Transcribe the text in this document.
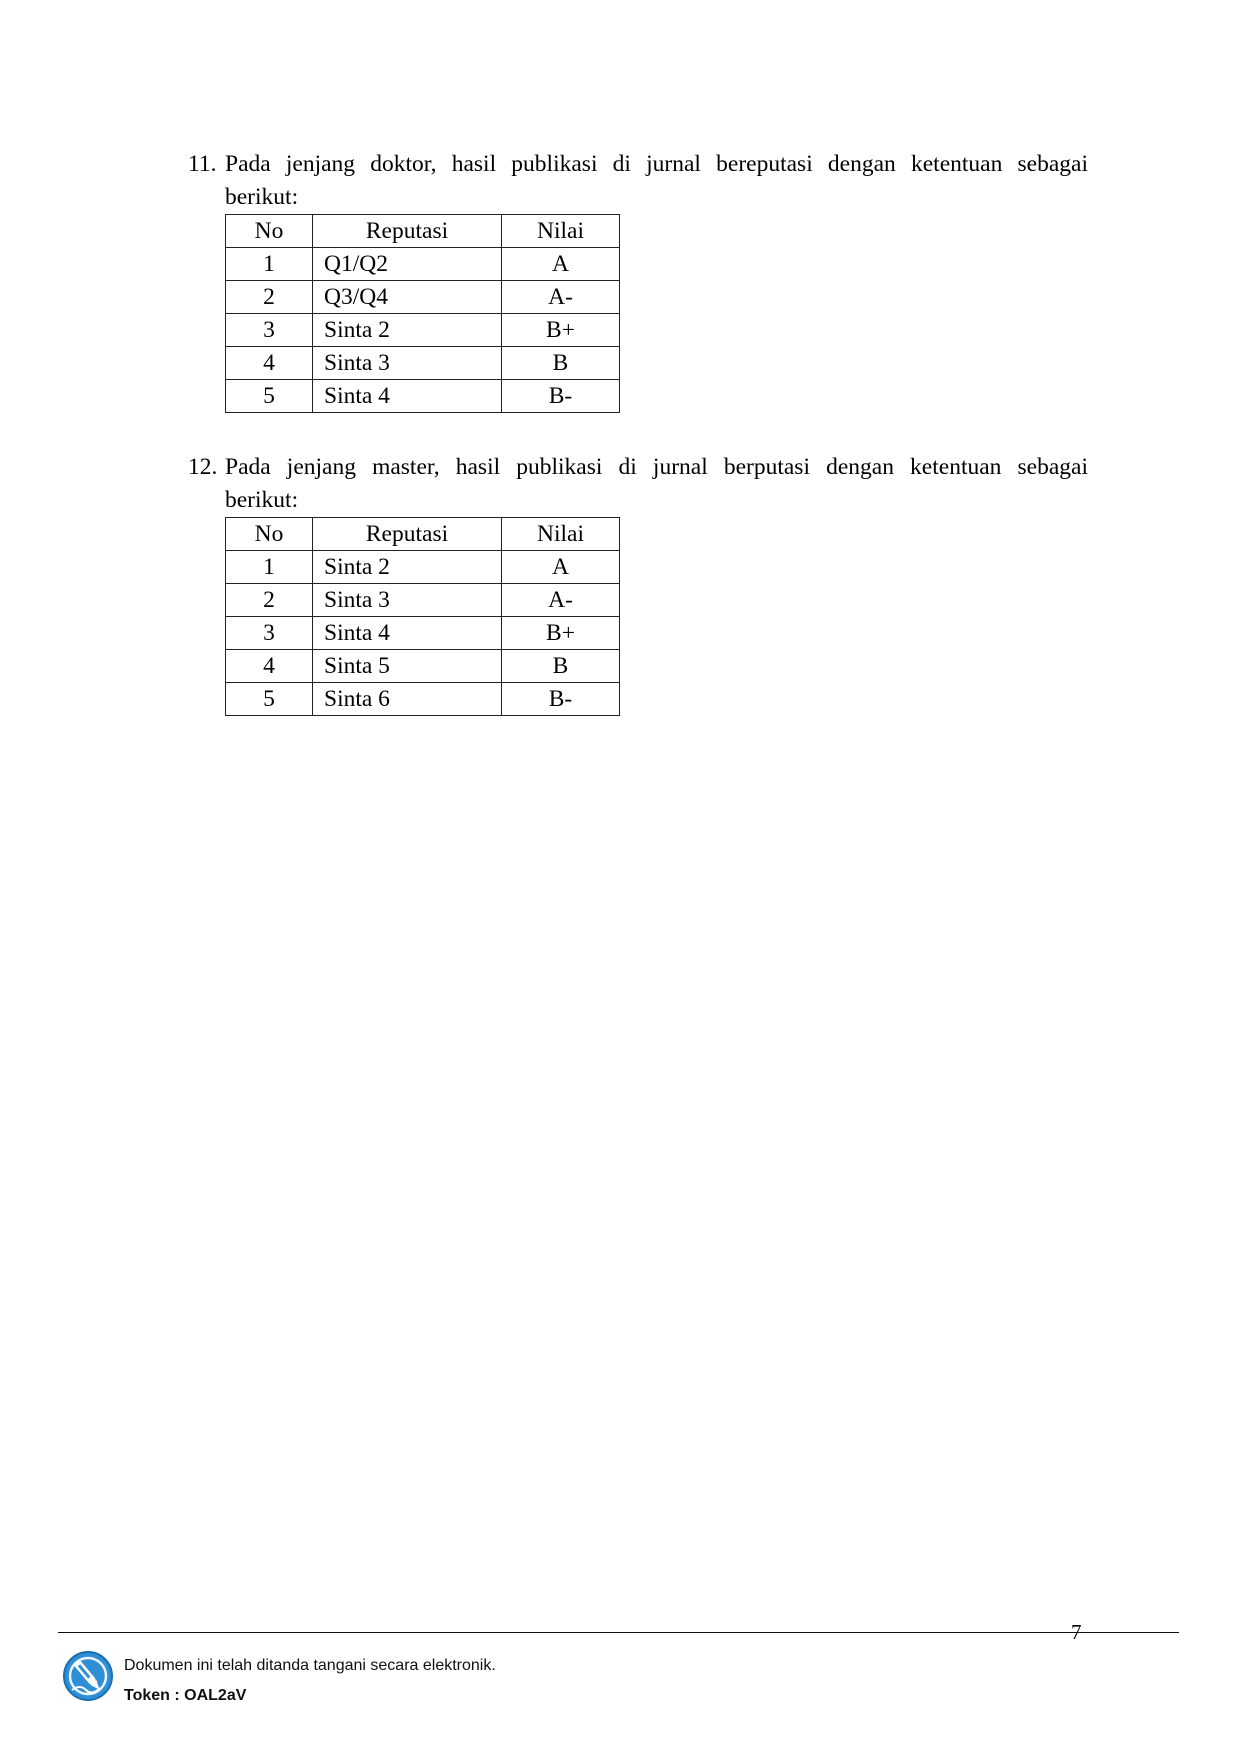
11. Pada jenjang doktor, hasil publikasi di jurnal bereputasi dengan ketentuan sebagai
berikut:
No	Reputasi	Nilai
1	Q1/Q2	A
2	Q3/Q4	A-
3	Sinta 2	B+
4	Sinta 3	B
5	Sinta 4	B-
12. Pada jenjang master, hasil publikasi di jurnal berputasi dengan ketentuan sebagai
berikut:
No	Reputasi	Nilai
1	Sinta 2	A
2	Sinta 3	A-
3	Sinta 4	B+
4	Sinta 5	B
5	Sinta 6	B-
7
Dokumen ini telah ditanda tangani secara elektronik.
Token : OAL2aV
